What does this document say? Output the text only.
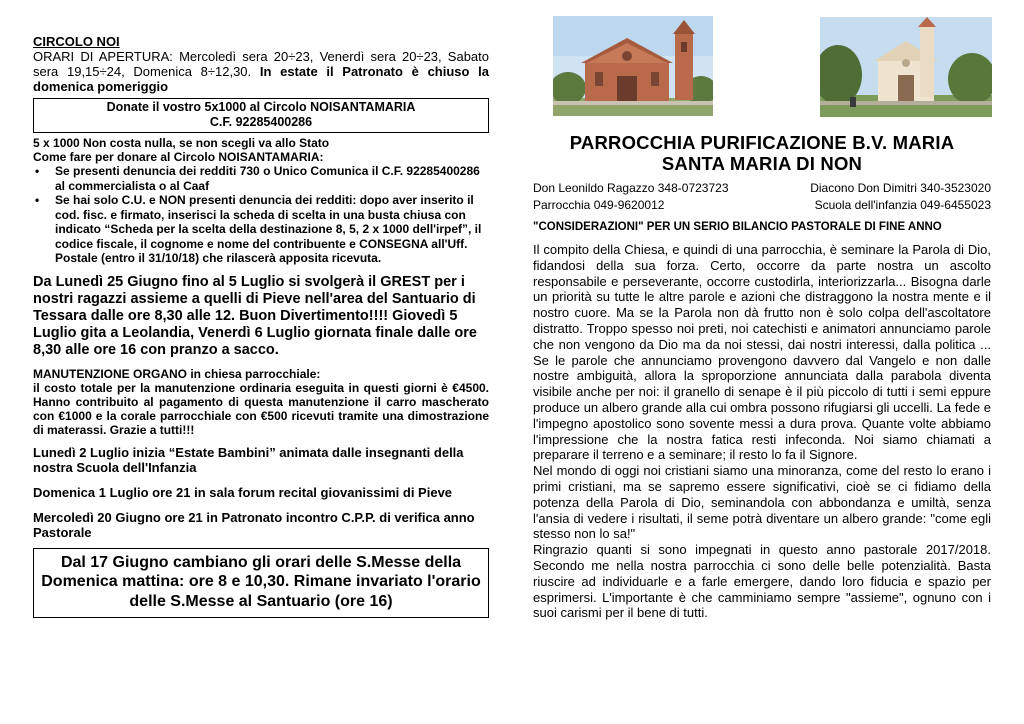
CIRCOLO NOI

ORARI DI APERTURA: Mercoledì sera 20÷23, Venerdì sera 20÷23, Sabato sera 19,15÷24, Domenica 8÷12,30. In estate il Patronato è chiuso la domenica pomeriggio

Donate il vostro 5x1000 al Circolo NOISANTAMARIA
C.F. 92285400286

5 x 1000 Non costa nulla, se non scegli va allo Stato

Come fare per donare al Circolo NOISANTAMARIA:

• Se presenti denuncia dei redditi 730 o Unico Comunica il C.F. 92285400286 al commercialista o al Caaf
• Se hai solo C.U. e NON presenti denuncia dei redditi: dopo aver inserito il cod. fisc. e firmato, inserisci la scheda di scelta in una busta chiusa con indicato “Scheda per la scelta della destinazione 8, 5, 2 x 1000 dell'irpef”, il codice fiscale, il cognome e nome del contribuente e CONSEGNA all'Uff. Postale (entro il 31/10/18) che rilascerà apposita ricevuta.

Da Lunedì 25 Giugno fino al 5 Luglio si svolgerà il GREST per i nostri ragazzi assieme a quelli di Pieve nell'area del Santuario di Tessara dalle ore 8,30 alle 12. Buon Divertimento!!!! Giovedì 5 Luglio gita a Leolandia, Venerdì 6 Luglio giornata finale dalle ore 8,30 alle ore 16 con pranzo a sacco.

MANUTENZIONE ORGANO in chiesa parrocchiale:

il costo totale per la manutenzione ordinaria eseguita in questi giorni è €4500. Hanno contribuito al pagamento di questa manutenzione il carro mascherato con €1000 e la corale parrocchiale con €500 ricevuti tramite una dimostrazione di materassi. Grazie a tutti!!!

Lunedì 2 Luglio inizia “Estate Bambini” animata dalle insegnanti della nostra Scuola dell'Infanzia

Domenica 1 Luglio ore 21 in sala forum recital giovanissimi di Pieve

Mercoledì 20 Giugno ore 21 in Patronato incontro C.P.P. di verifica anno Pastorale

Dal 17 Giugno cambiano gli orari delle S.Messe della Domenica mattina: ore 8 e 10,30. Rimane invariato l'orario delle S.Messe al Santuario (ore 16)
PARROCCHIA PURIFICAZIONE B.V. MARIA
SANTA MARIA DI NON
Don Leonildo Ragazzo 348-0723723	Diacono Don Dimitri 340-3523020
Parrocchia 049-9620012	Scuola dell'infanzia 049-6455023

"CONSIDERAZIONI" PER UN SERIO BILANCIO PASTORALE DI FINE ANNO

Il compito della Chiesa, e quindi di una parrocchia, è seminare la Parola di Dio, fidandosi della sua forza. Certo, occorre da parte nostra un ascolto responsabile e perseverante, occorre custodirla, interiorizzarla... Bisogna darle un priorità su tutte le altre parole e azioni che distraggono la nostra mente e il nostro cuore. Ma se la Parola non dà frutto non è solo colpa dell'ascoltatore distratto. Troppo spesso noi preti, noi catechisti e animatori annunciamo parole che non vengono da Dio ma da noi stessi, dai nostri interessi, dalla politica ... Se le parole che annunciamo provengono davvero dal Vangelo e non dalle nostre ambiguità, allora la sproporzione annunciata dalla parabola diventa visibile anche per noi: il granello di senape è il più piccolo di tutti i semi eppure produce un albero grande alla cui ombra possono rifugiarsi gli uccelli. La fede e l'impegno apostolico sono sovente messi a dura prova. Quante volte abbiamo l'impressione che la nostra fatica resti infeconda. Noi siamo chiamati a preparare il terreno e a seminare; il resto lo fa il Signore.

Nel mondo di oggi noi cristiani siamo una minoranza, come del resto lo erano i primi cristiani, ma se sapremo essere significativi, cioè se ci fidiamo della potenza della Parola di Dio, seminandola con abbondanza e umiltà, senza l'ansia di vedere i risultati, il seme potrà diventare un albero grande: "come egli stesso non lo sa!"

Ringrazio quanti si sono impegnati in questo anno pastorale 2017/2018. Secondo me nella nostra parrocchia ci sono delle belle potenzialità. Basta riuscire ad individuarle e a farle emergere, dando loro fiducia e spazio per esprimersi. L'importante è che camminiamo sempre "assieme", ognuno con i suoi carismi per il bene di tutti.
